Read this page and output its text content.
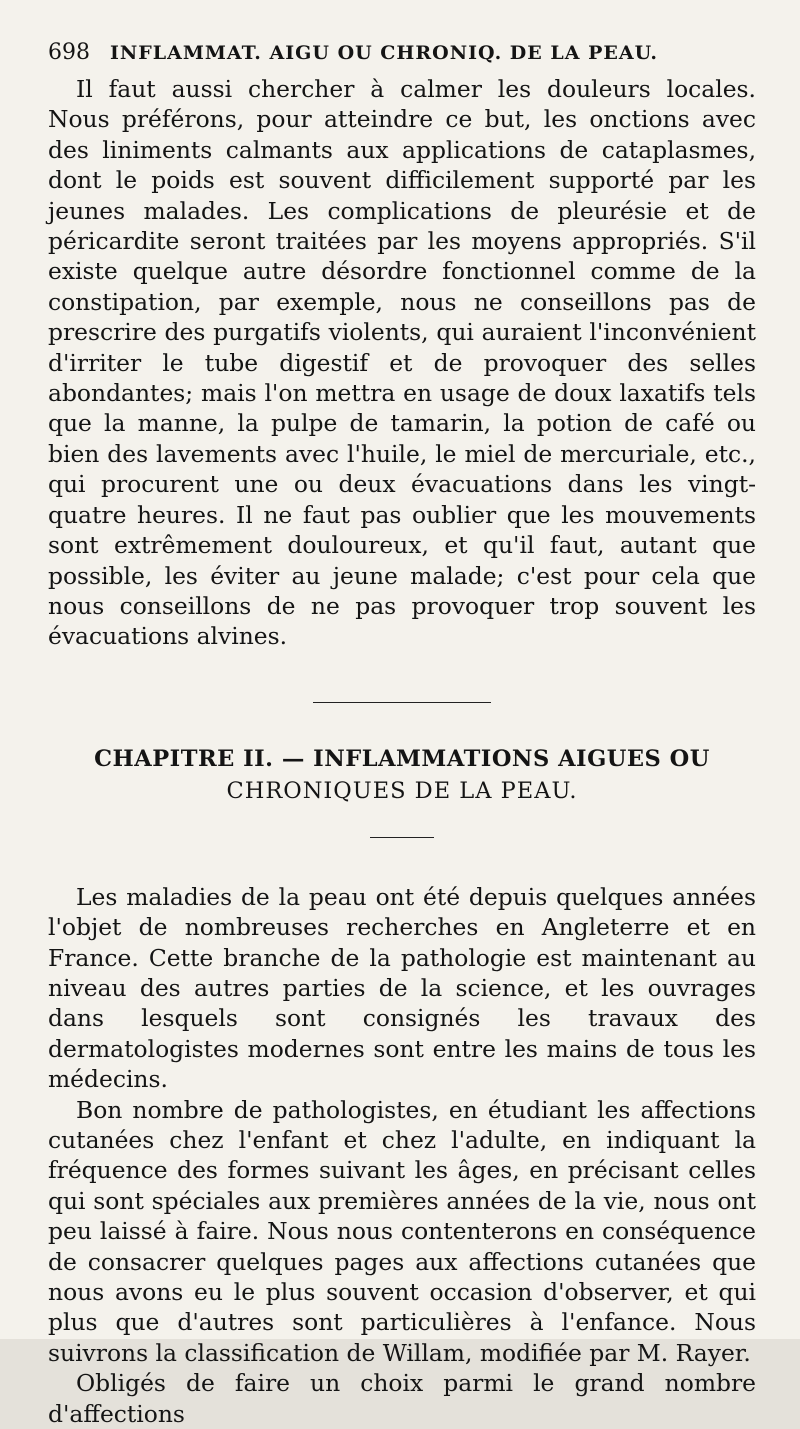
698 INFLAMMAT. AIGU OU CHRONIQ. DE LA PEAU.

Il faut aussi chercher à calmer les douleurs locales. Nous préférons, pour atteindre ce but, les onctions avec des liniments calmants aux applications de cataplasmes, dont le poids est souvent difficilement supporté par les jeunes malades. Les complications de pleurésie et de péricardite seront traitées par les moyens appropriés. S'il existe quelque autre désordre fonctionnel comme de la constipation, par exemple, nous ne conseillons pas de prescrire des purgatifs violents, qui auraient l'inconvénient d'irriter le tube digestif et de provoquer des selles abondantes; mais l'on mettra en usage de doux laxatifs tels que la manne, la pulpe de tamarin, la potion de café ou bien des lavements avec l'huile, le miel de mercuriale, etc., qui procurent une ou deux évacuations dans les vingt-quatre heures. Il ne faut pas oublier que les mouvements sont extrêmement douloureux, et qu'il faut, autant que possible, les éviter au jeune malade; c'est pour cela que nous conseillons de ne pas provoquer trop souvent les évacuations alvines.

CHAPITRE II. — INFLAMMATIONS AIGUES OU
CHRONIQUES DE LA PEAU.

Les maladies de la peau ont été depuis quelques années l'objet de nombreuses recherches en Angleterre et en France. Cette branche de la pathologie est maintenant au niveau des autres parties de la science, et les ouvrages dans lesquels sont consignés les travaux des dermatologistes modernes sont entre les mains de tous les médecins.

Bon nombre de pathologistes, en étudiant les affections cutanées chez l'enfant et chez l'adulte, en indiquant la fréquence des formes suivant les âges, en précisant celles qui sont spéciales aux premières années de la vie, nous ont peu laissé à faire. Nous nous contenterons en conséquence de consacrer quelques pages aux affections cutanées que nous avons eu le plus souvent occasion d'observer, et qui plus que d'autres sont particulières à l'enfance. Nous suivrons la classification de Willam, modifiée par M. Rayer.

Obligés de faire un choix parmi le grand nombre d'affections
